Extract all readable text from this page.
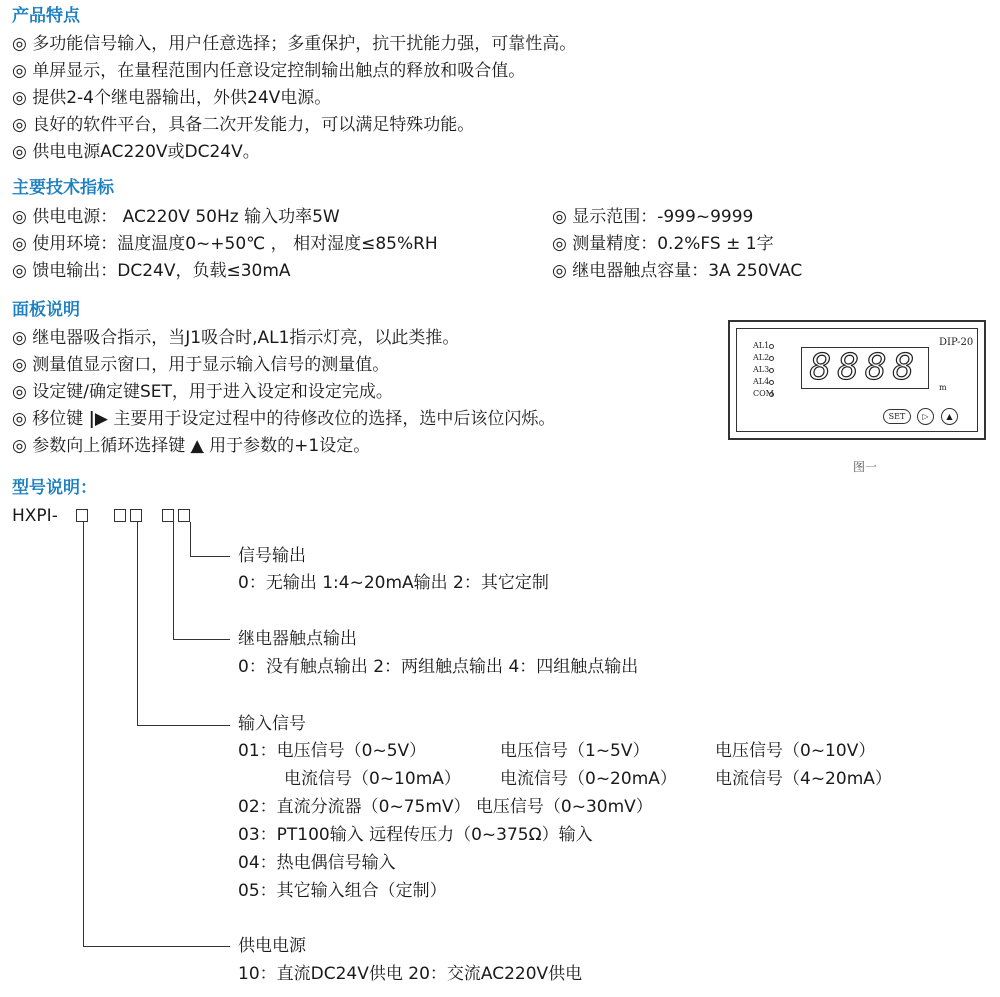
产品特点
◎ 多功能信号输入，用户任意选择；多重保护，抗干扰能力强，可靠性高。
◎ 单屏显示，在量程范围内任意设定控制输出触点的释放和吸合值。
◎ 提供2-4个继电器输出，外供24V电源。
◎ 良好的软件平台，具备二次开发能力，可以满足特殊功能。
◎ 供电电源AC220V或DC24V。
主要技术指标
◎ 供电电源： AC220V 50Hz 输入功率5W
◎ 使用环境：温度温度0~+50℃ ， 相对湿度≤85%RH
◎ 馈电输出：DC24V，负载≤30mA
◎ 显示范围：-999~9999
◎ 测量精度：0.2%FS ± 1字
◎ 继电器触点容量：3A 250VAC
面板说明
◎ 继电器吸合指示，当J1吸合时,AL1指示灯亮，以此类推。
◎ 测量值显示窗口，用于显示输入信号的测量值。
◎ 设定键/确定键SET，用于进入设定和设定完成。
◎ 移位键 |▶ 主要用于设定过程中的待修改位的选择，选中后该位闪烁。
◎ 参数向上循环选择键 ▲ 用于参数的+1设定。
AL1
AL2
AL3
AL4
COM
8888
DIP-20
m
SET	▷	▲
图一
型号说明：
HXPI-
信号输出
0：无输出 1:4~20mA输出 2：其它定制
继电器触点输出
0：没有触点输出 2：两组触点输出 4：四组触点输出
输入信号
01：电压信号（0~5V）	电压信号（1~5V）	电压信号（0~10V）
电流信号（0~10mA） 电流信号（0~20mA） 电流信号（4~20mA）
02：直流分流器（0~75mV） 电压信号（0~30mV）
03：PT100输入 远程传压力（0~375Ω）输入
04：热电偶信号输入
05：其它输入组合（定制）
供电电源
10：直流DC24V供电 20：交流AC220V供电
